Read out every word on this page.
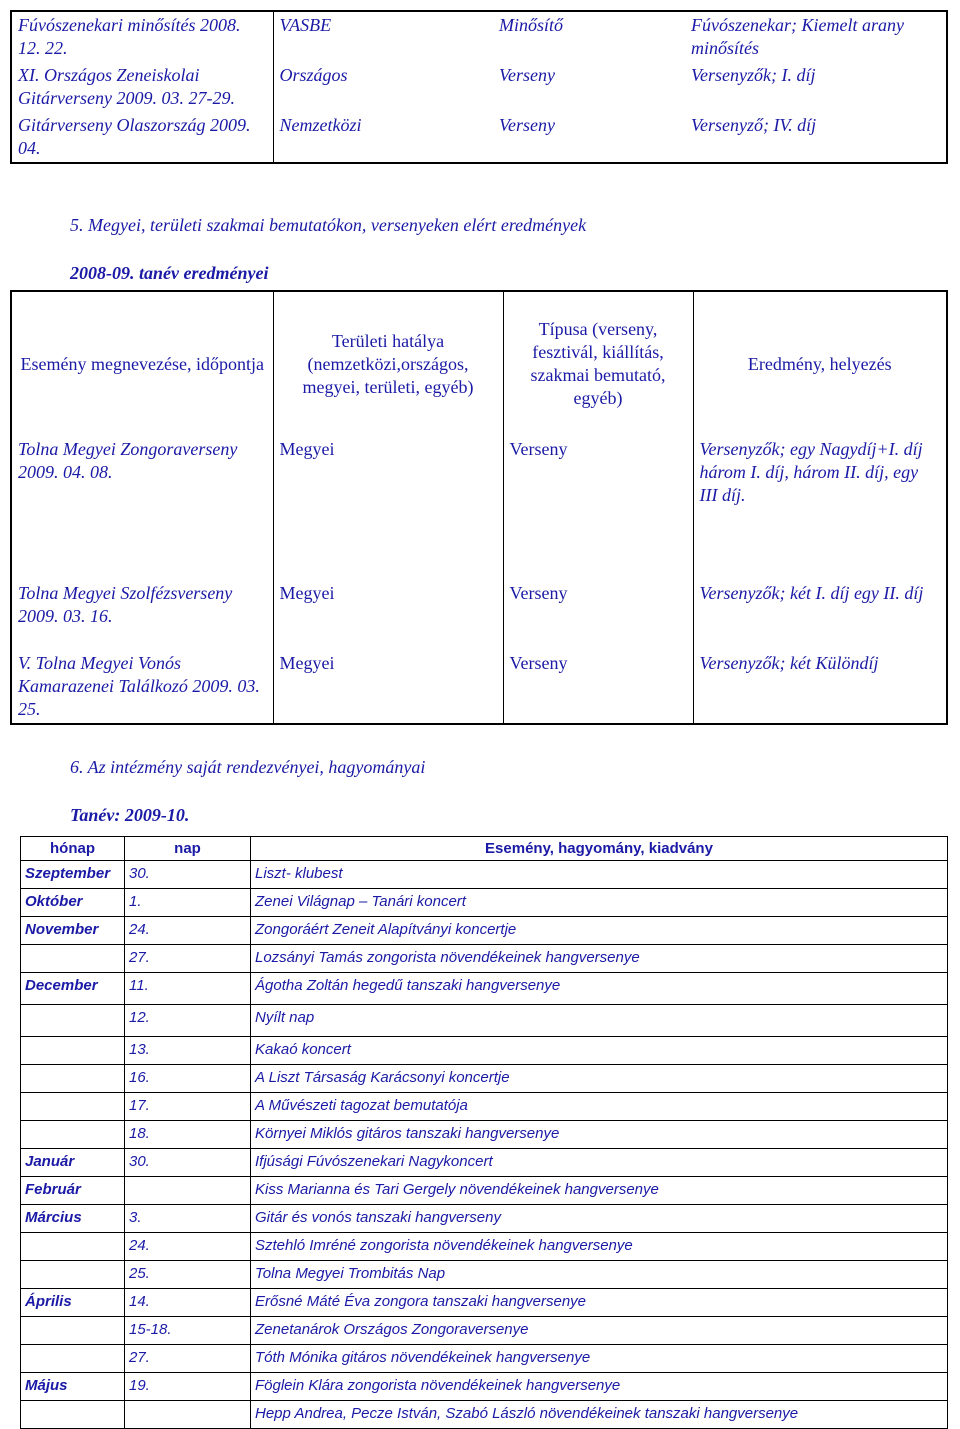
Fúvószenekari minősítés 2008. 12. 22.	VASBE	Minősítő	Fúvószenekar; Kiemelt arany minősítés
XI. Országos Zeneiskolai Gitárverseny 2009. 03. 27-29.	Országos	Verseny	Versenyzők; I. díj
Gitárverseny Olaszország 2009. 04.	Nemzetközi	Verseny	Versenyző; IV. díj
5. Megyei, területi szakmai bemutatókon, versenyeken elért eredmények
2008-09. tanév eredményei
Esemény megnevezése, időpontja	Területi hatálya (nemzetközi,országos, megyei, területi, egyéb)	Típusa (verseny, fesztivál, kiállítás, szakmai bemutató, egyéb)	Eredmény, helyezés
Tolna Megyei Zongoraverseny 2009. 04. 08.	Megyei	Verseny	Versenyzők; egy Nagydíj+I. díj három I. díj, három II. díj, egy III díj.
Tolna Megyei Szolfézsverseny 2009. 03. 16.	Megyei	Verseny	Versenyzők; két I. díj egy II. díj
V. Tolna Megyei Vonós Kamarazenei Találkozó 2009. 03. 25.	Megyei	Verseny	Versenyzők; két Különdíj
6. Az intézmény saját rendezvényei, hagyományai
Tanév: 2009-10.
hónap	nap	Esemény, hagyomány, kiadvány
Szeptember	30.	Liszt- klubest
Október	1.	Zenei Világnap – Tanári koncert
November	24.	Zongoráért Zeneit Alapítványi koncertje
	27.	Lozsányi Tamás zongorista növendékeinek hangversenye
December	11.	Ágotha Zoltán hegedű tanszaki hangversenye
	12.	Nyílt nap
	13.	Kakaó koncert
	16.	A Liszt Társaság Karácsonyi koncertje
	17.	A Művészeti tagozat bemutatója
	18.	Környei Miklós gitáros tanszaki hangversenye
Január	30.	Ifjúsági Fúvószenekari Nagykoncert
Február		Kiss Marianna és Tari Gergely növendékeinek hangversenye
Március	3.	Gitár és vonós tanszaki hangverseny
	24.	Sztehló Imréné zongorista növendékeinek hangversenye
	25.	Tolna Megyei Trombitás Nap
Április	14.	Erősné Máté Éva zongora tanszaki hangversenye
	15-18.	Zenetanárok Országos Zongoraversenye
	27.	Tóth Mónika gitáros növendékeinek hangversenye
Május	19.	Föglein Klára zongorista növendékeinek hangversenye
		Hepp Andrea, Pecze István, Szabó László növendékeinek tanszaki hangversenye
